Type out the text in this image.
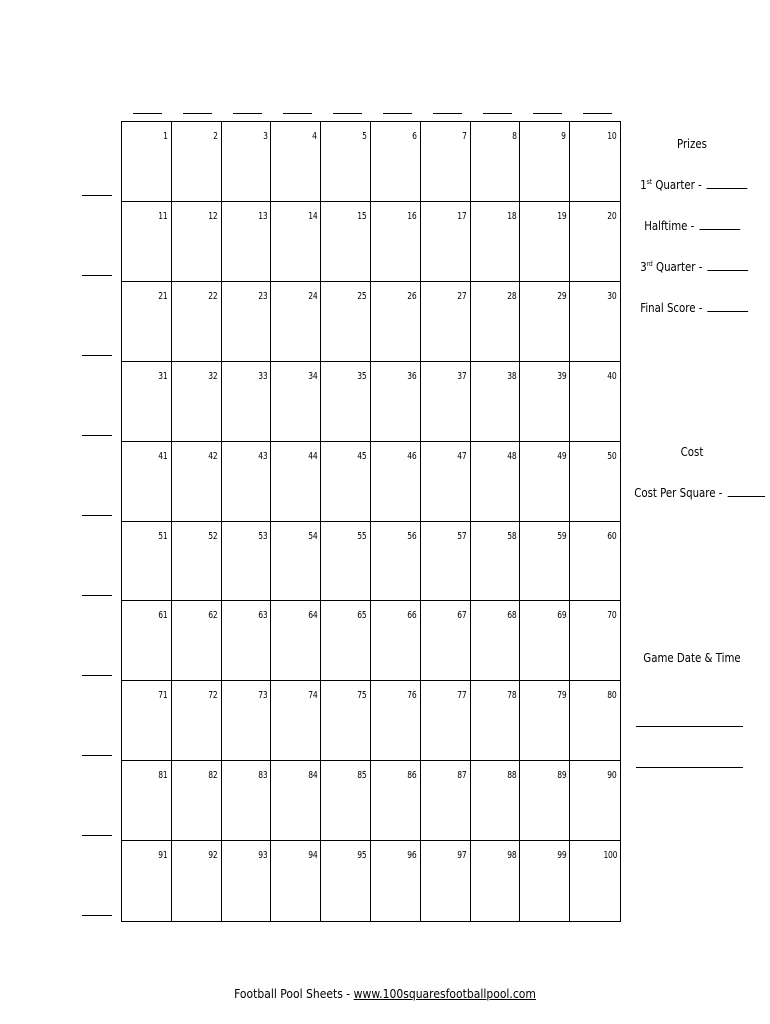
1	2	3	4	5	6	7	8	9	10
11	12	13	14	15	16	17	18	19	20
21	22	23	24	25	26	27	28	29	30
31	32	33	34	35	36	37	38	39	40
41	42	43	44	45	46	47	48	49	50
51	52	53	54	55	56	57	58	59	60
61	62	63	64	65	66	67	68	69	70
71	72	73	74	75	76	77	78	79	80
81	82	83	84	85	86	87	88	89	90
91	92	93	94	95	96	97	98	99	100
Prizes
1st Quarter -
Halftime -
3rd Quarter -
Final Score -
Cost
Cost Per Square -
Game Date & Time
Football Pool Sheets - www.100squaresfootballpool.com
